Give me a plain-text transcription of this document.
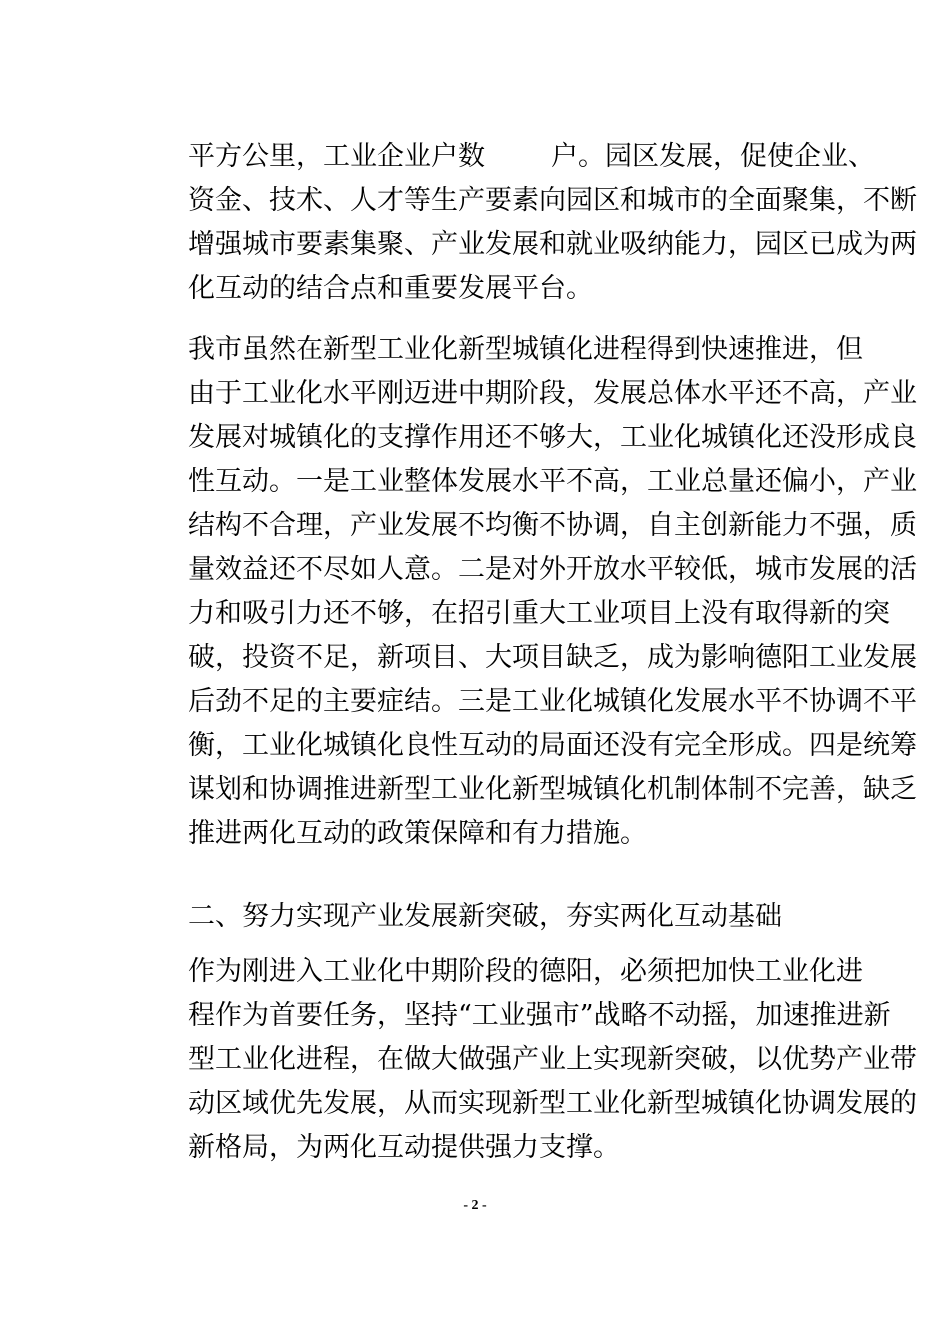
平方公里，工业企业户数 户。园区发展，促使企业、
资金、技术、人才等生产要素向园区和城市的全面聚集，不断
增强城市要素集聚、产业发展和就业吸纳能力，园区已成为两
化互动的结合点和重要发展平台。

我市虽然在新型工业化新型城镇化进程得到快速推进，但
由于工业化水平刚迈进中期阶段，发展总体水平还不高，产业
发展对城镇化的支撑作用还不够大，工业化城镇化还没形成良
性互动。一是工业整体发展水平不高，工业总量还偏小，产业
结构不合理，产业发展不均衡不协调，自主创新能力不强，质
量效益还不尽如人意。二是对外开放水平较低，城市发展的活
力和吸引力还不够，在招引重大工业项目上没有取得新的突
破，投资不足，新项目、大项目缺乏，成为影响德阳工业发展
后劲不足的主要症结。三是工业化城镇化发展水平不协调不平
衡，工业化城镇化良性互动的局面还没有完全形成。四是统筹
谋划和协调推进新型工业化新型城镇化机制体制不完善，缺乏
推进两化互动的政策保障和有力措施。

二、努力实现产业发展新突破，夯实两化互动基础

作为刚进入工业化中期阶段的德阳，必须把加快工业化进
程作为首要任务，坚持“工业强市”战略不动摇，加速推进新
型工业化进程，在做大做强产业上实现新突破，以优势产业带
动区域优先发展，从而实现新型工业化新型城镇化协调发展的
新格局，为两化互动提供强力支撑。

- 2 -
